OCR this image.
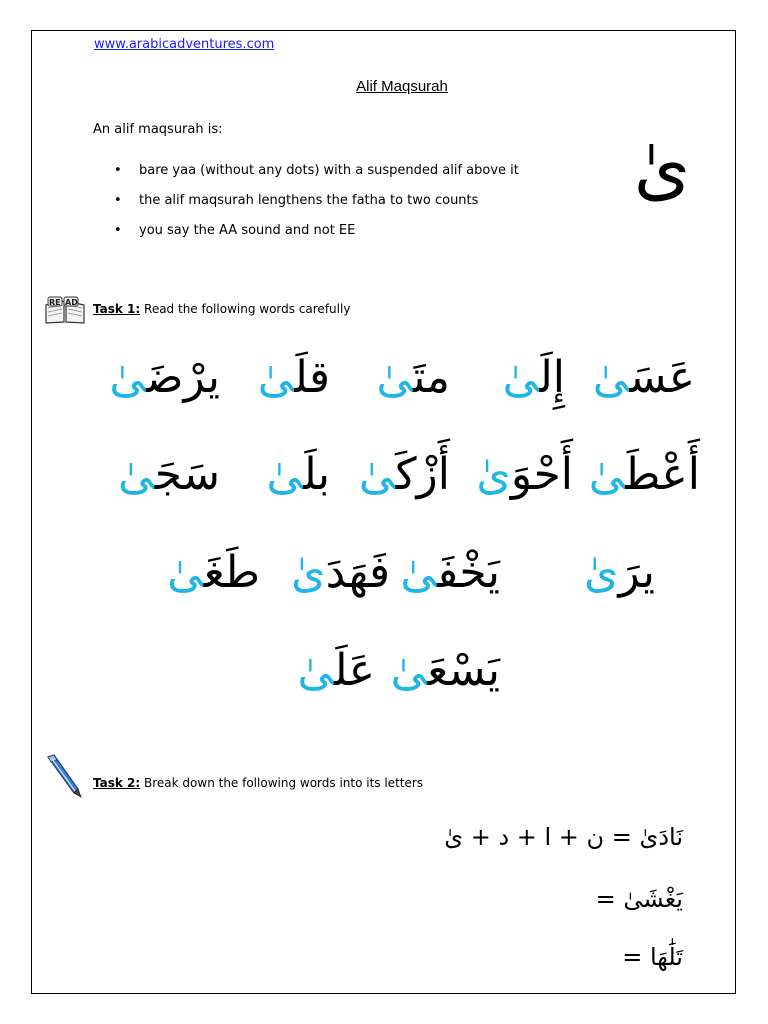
www.arabicadventures.com
Alif Maqsurah
An alif maqsurah is:
• bare yaa (without any dots) with a suspended alif above it
• the alif maqsurah lengthens the fatha to two counts
• you say the AA sound and not EE
ىٰ
RE AD Task 1: Read the following words carefully
عَسَىٰ
إِلَىٰ
متَىٰ
قلَىٰ
يرْضَىٰ
أَعْطَىٰ
أَحْوَىٰ
أَزْكَىٰ
بلَىٰ
سَجَىٰ
يرَىٰ
يَخْفَىٰ
فَهَدَىٰ
طَغَىٰ
يَسْعَىٰ
عَلَىٰ
Task 2: Break down the following words into its letters
نَادَىٰ = ن + ا + د + ىٰ
يَغْشَىٰ =
تَلَٰهَا =
